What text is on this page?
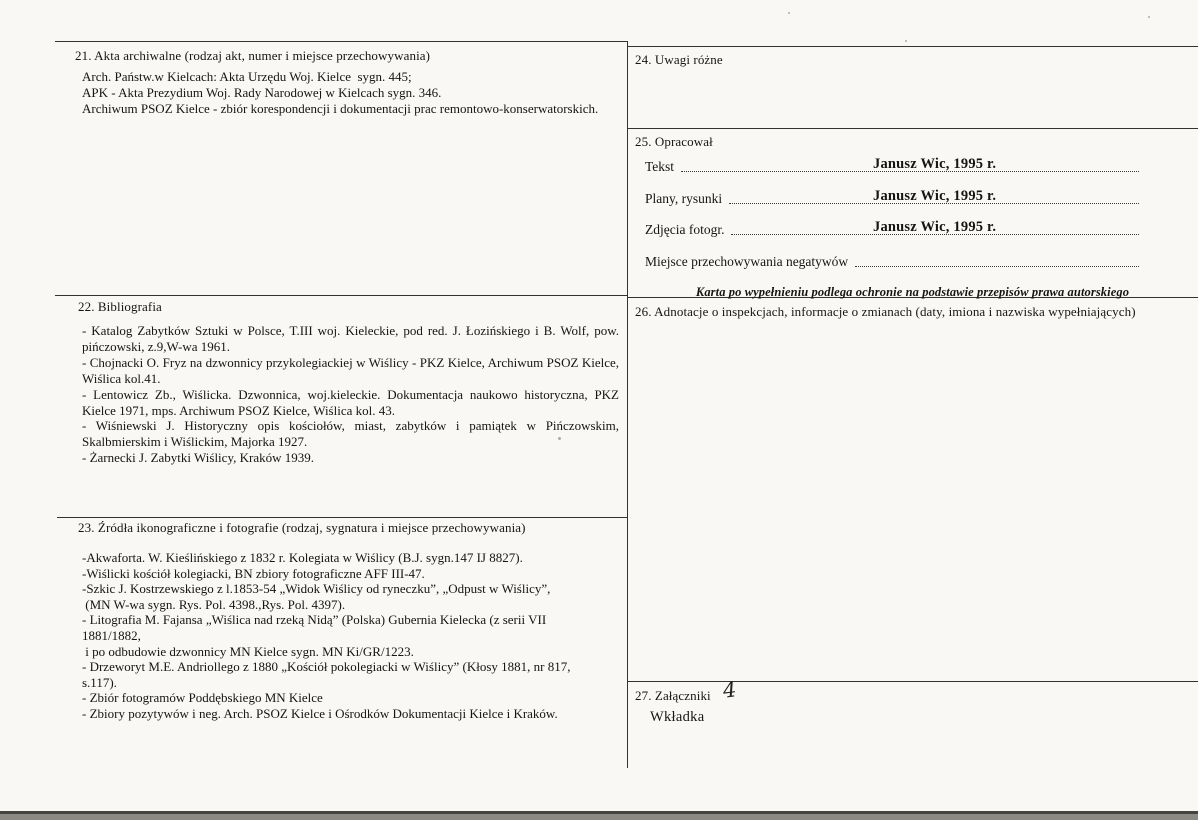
21. Akta archiwalne (rodzaj akt, numer i miejsce przechowywania)
Arch. Państw.w Kielcach: Akta Urzędu Woj. Kielce  sygn. 445;
APK - Akta Prezydium Woj. Rady Narodowej w Kielcach sygn. 346.
Archiwum PSOZ Kielce - zbiór korespondencji i dokumentacji prac remontowo-konserwatorskich.
22. Bibliografia

- Katalog Zabytków Sztuki w Polsce, T.III woj. Kieleckie, pod red. J. Łozińskiego i B. Wolf, pow. pińczowski, z.9,W-wa 1961.

- Chojnacki O. Fryz na dzwonnicy przykolegiackiej w Wiślicy - PKZ Kielce, Archiwum PSOZ Kielce, Wiślica kol.41.

- Lentowicz Zb., Wiślicka. Dzwonnica, woj.kieleckie. Dokumentacja naukowo historyczna, PKZ Kielce 1971, mps. Archiwum PSOZ Kielce, Wiślica kol. 43.

- Wiśniewski J. Historyczny opis kościołów, miast, zabytków i pamiątek w Pińczowskim, Skalbmierskim i Wiślickim, Majorka 1927.

- Żarnecki J. Zabytki Wiślicy, Kraków 1939.

23. Źródła ikonograficzne i fotografie (rodzaj, sygnatura i miejsce przechowywania)
-Akwaforta. W. Kieślińskiego z 1832 r. Kolegiata w Wiślicy (B.J. sygn.147 IJ 8827).
-Wiślicki kościół kolegiacki, BN zbiory fotograficzne AFF III-47.
-Szkic J. Kostrzewskiego z l.1853-54 „Widok Wiślicy od ryneczku”, „Odpust w Wiślicy”,
(MN W-wa sygn. Rys. Pol. 4398.,Rys. Pol. 4397).
- Litografia M. Fajansa „Wiślica nad rzeką Nidą” (Polska) Gubernia Kielecka (z serii VII
1881/1882,
i po odbudowie dzwonnicy MN Kielce sygn. MN Ki/GR/1223.
- Drzeworyt M.E. Andriollego z 1880 „Kościół pokolegiacki w Wiślicy” (Kłosy 1881, nr 817,
s.117).
- Zbiór fotogramów Poddębskiego MN Kielce
- Zbiory pozytywów i neg. Arch. PSOZ Kielce i Ośrodków Dokumentacji Kielce i Kraków.
24. Uwagi różne
25. Opracował
Tekst	Janusz Wic, 1995 r.
Plany, rysunki	Janusz Wic, 1995 r.
Zdjęcia fotogr.	Janusz Wic, 1995 r.
Miejsce przechowywania negatywów
Karta po wypełnieniu podlega ochronie na podstawie przepisów prawa autorskiego
26. Adnotacje o inspekcjach, informacje o zmianach (daty, imiona i nazwiska wypełniających)
27. Załączniki 4
Wkładka
